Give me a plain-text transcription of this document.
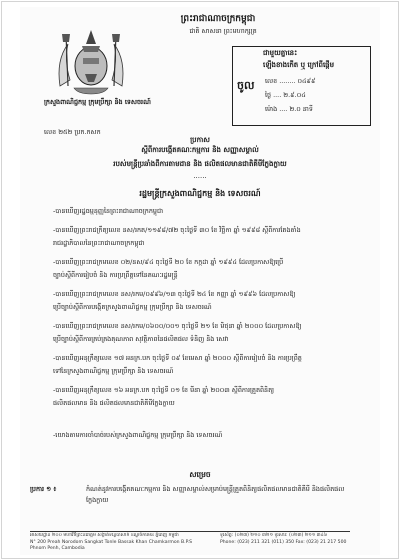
ព្រះរាជាណាចក្រកម្ពុជា
ជាតិ សាសនា ព្រះមហាក្សត្រ
ក្រសួងពាណិជ្ជកម្ម ក្រុមប្រឹក្សា និង ទេសចរណ៍
លេខ ២៥២ ប្រក.កសក
ជាមួយគ្នានេះ
ឡើងខាងកើត ឬ ក្រៅ​ពីផ្ដើម
ចូល លេខ ........ ០៤៩៩
ថ្ងៃ .... ២.៩.០៤
ម៉ោង .... ២.០ នាទី
ប្រកាស
ស្ដីពីការបង្កើតគណៈកម្មការ និង សញ្ញាសម្គាល់
របស់មន្ត្រីប្រឆាំងពីការតាមដាន និង ផលិតផលមានជាតិគីមីក្លែងក្លាយ
......
រដ្ឋមន្ត្រីក្រសួងពាណិជ្ជកម្ម និង ទេសចរណ៍
-បានឃើញរដ្ឋធម្មនុញ្ញនៃព្រះរាជាណាចក្រកម្ពុជា
-បានឃើញព្រះរាជក្រឹត្យលេខ នស/រកត/១១៩៨/៧២ ចុះថ្ងៃទី ៣០ ខែ វិច្ឆិកា ឆ្នាំ ១៩៩៨ ស្ដីពីការតែងតាំង
រាជរដ្ឋាភិបាលនៃព្រះរាជាណាចក្រកម្ពុជា
-បានឃើញព្រះរាជក្រមលេខ ០២/នស/៩៤ ចុះថ្ងៃទី ២០ ខែ កក្កដា ឆ្នាំ ១៩៩៤ ដែលប្រកាសឱ្យប្រើ
ច្បាប់ស្ដីពីការរៀបចំ និង ការប្រព្រឹត្តទៅនៃគណៈរដ្ឋមន្ត្រី
-បានឃើញព្រះរាជក្រមលេខ នស/រកម/០៩៩៦/១៣ ចុះថ្ងៃទី ២៤ ខែ កញ្ញា ឆ្នាំ ១៩៩៦ ដែលប្រកាសឱ្យ
ប្រើច្បាប់ស្ដីពីការបង្កើតក្រសួងពាណិជ្ជកម្ម ក្រុមប្រឹក្សា និង ទេសចរណ៍
-បានឃើញព្រះរាជក្រមលេខ នស/រកម/០៦០០/០០១ ចុះថ្ងៃទី ២១ ខែ មិថុនា ឆ្នាំ ២០០០ ដែលប្រកាសឱ្យ
ប្រើច្បាប់ស្ដីពីការគ្រប់គ្រងគុណភាព សុវត្ថិភាពនៃផលិតផល ទំនិញ និង សេវា
-បានឃើញអនុក្រឹត្យលេខ ១៧ អនក្រ.បក ចុះថ្ងៃទី ០៩ ខែមេសា ឆ្នាំ ២០០០ ស្ដីពីការរៀបចំ និង ការប្រព្រឹត្ត
ទៅនៃក្រសួងពាណិជ្ជកម្ម ក្រុមប្រឹក្សា និង ទេសចរណ៍
-បានឃើញអនុក្រឹត្យលេខ ១៦ អនក្រ.បក ចុះថ្ងៃទី ០១ ខែ មីនា ឆ្នាំ ២០០៣ ស្ដីពីការត្រួតពិនិត្យ
ផលិតផលមាន និង ផលិតផលមានជាតិគីមីក្លែងក្លាយ
-យោងតាមការចាំបាច់របស់ក្រសួងពាណិជ្ជកម្ម ក្រុមប្រឹក្សា និង ទេសចរណ៍
សម្រេច
ប្រការ ១ ៖	កំណត់នូវការបង្កើតគណៈកម្មការ និង សញ្ញាសម្គាល់សម្រាប់មន្ត្រីត្រួតពិនិត្យ​ផលិតផលមាន​ជាតិគីមី និងផលិតផលក្លែងក្លាយ
អាសយដ្ឋាន ២០០ មហាវិថីព្រះនរោត្តម សង្កាត់ទន្លេបាសាក់ ខណ្ឌចំការមន ភ្នំពេញ កម្ពុជា
N° 200 Preah Norodom Sangkat Tonle Bassak Khan Chamkarmon B.P.S Phnom Penh, Cambodia
ទូរស័ព្ទ: (០២៣) ២១០ ៣២១ ទូរសារ: (០២៣) ២១១ ៣៤៦
Phone: (023) 211 321 (011) 350 Fax: (023) 21 217 500
